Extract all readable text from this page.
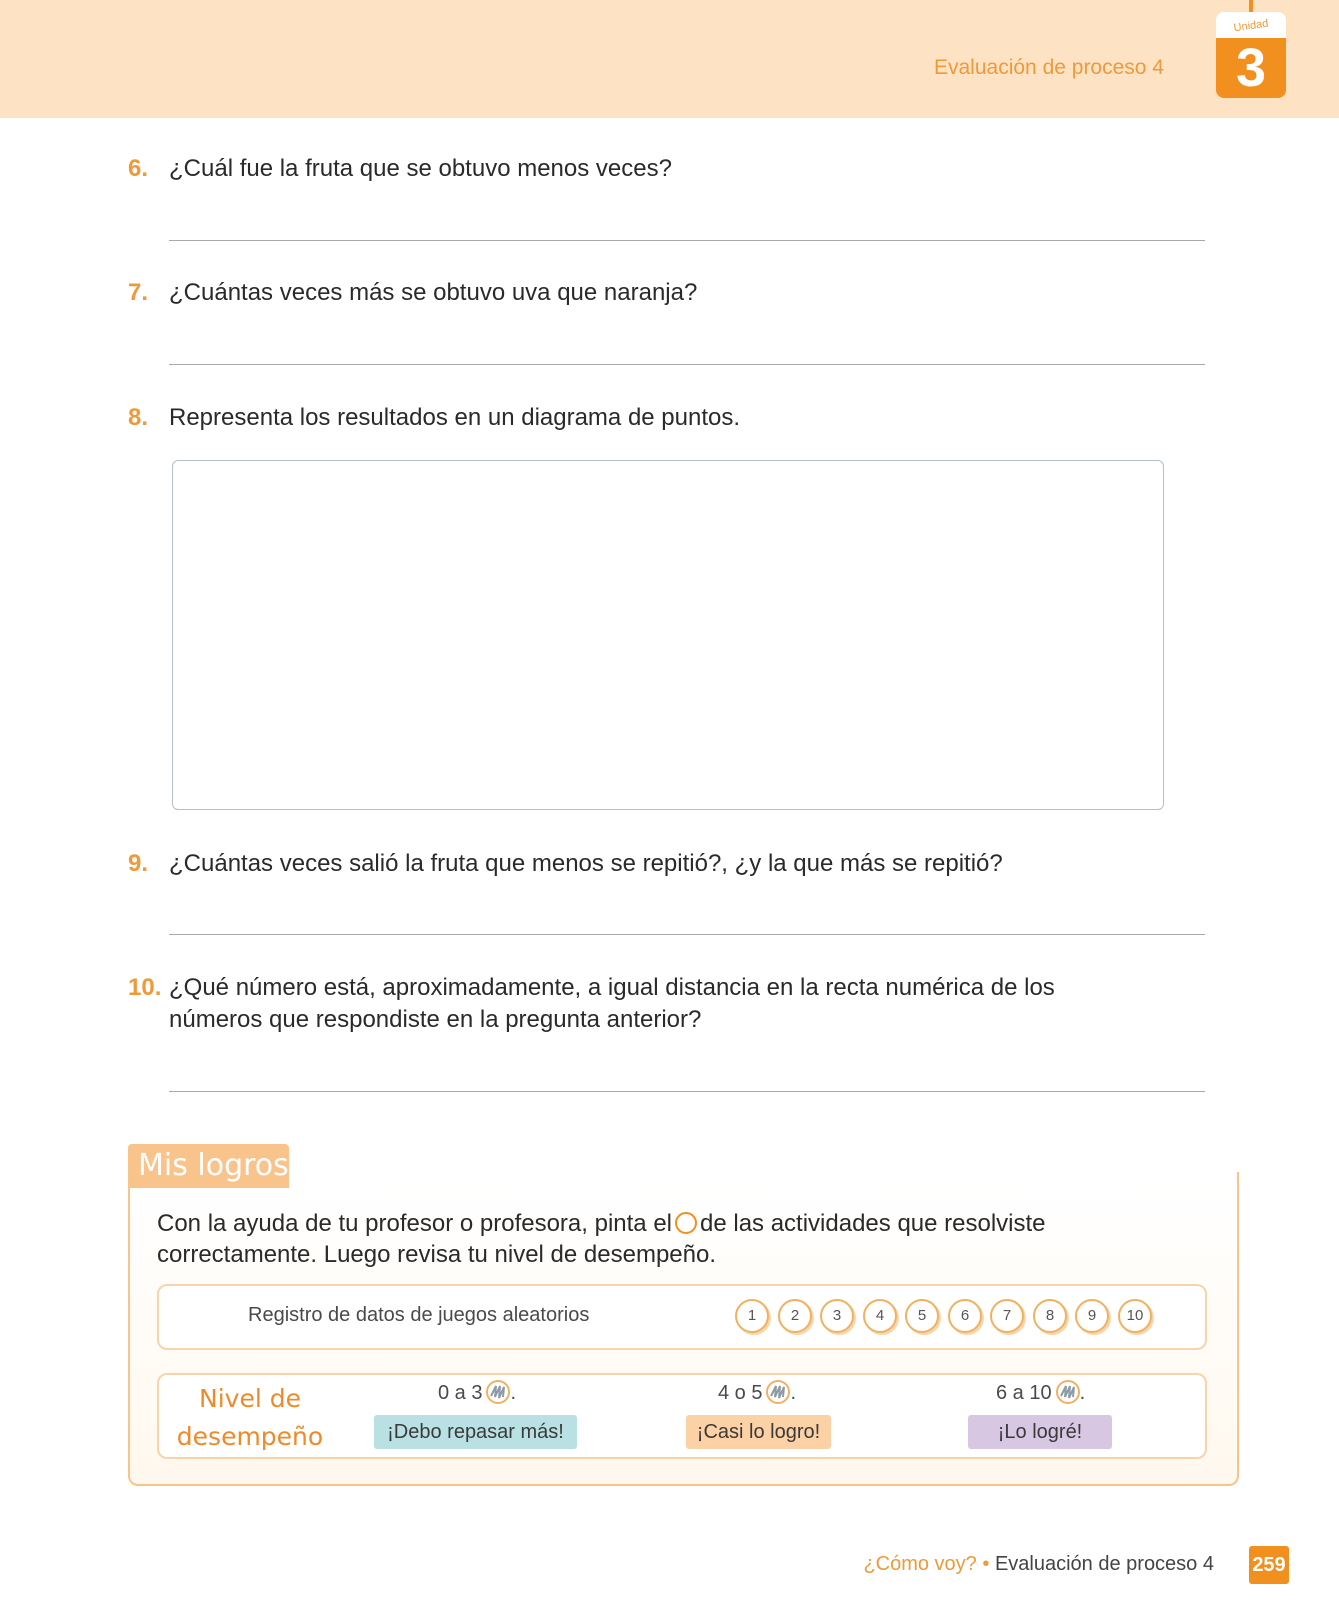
Evaluación de proceso 4
Unidad
3
6. ¿Cuál fue la fruta que se obtuvo menos veces?
7. ¿Cuántas veces más se obtuvo uva que naranja?
8. Representa los resultados en un diagrama de puntos.
9. ¿Cuántas veces salió la fruta que menos se repitió?, ¿y la que más se repitió?
10. ¿Qué número está, aproximadamente, a igual distancia en la recta numérica de los números que respondiste en la pregunta anterior?
Mis logros
Con la ayuda de tu profesor o profesora, pinta el de las actividades que resolviste correctamente. Luego revisa tu nivel de desempeño.
Registro de datos de juegos aleatorios	1	2	3	4	5	6	7	8	9	10
Nivel de desempeño
0 a 3 .	4 o 5 .	6 a 10 .
¡Debo repasar más!	¡Casi lo logro!	¡Lo logré!
¿Cómo voy? • Evaluación de proceso 4 259
